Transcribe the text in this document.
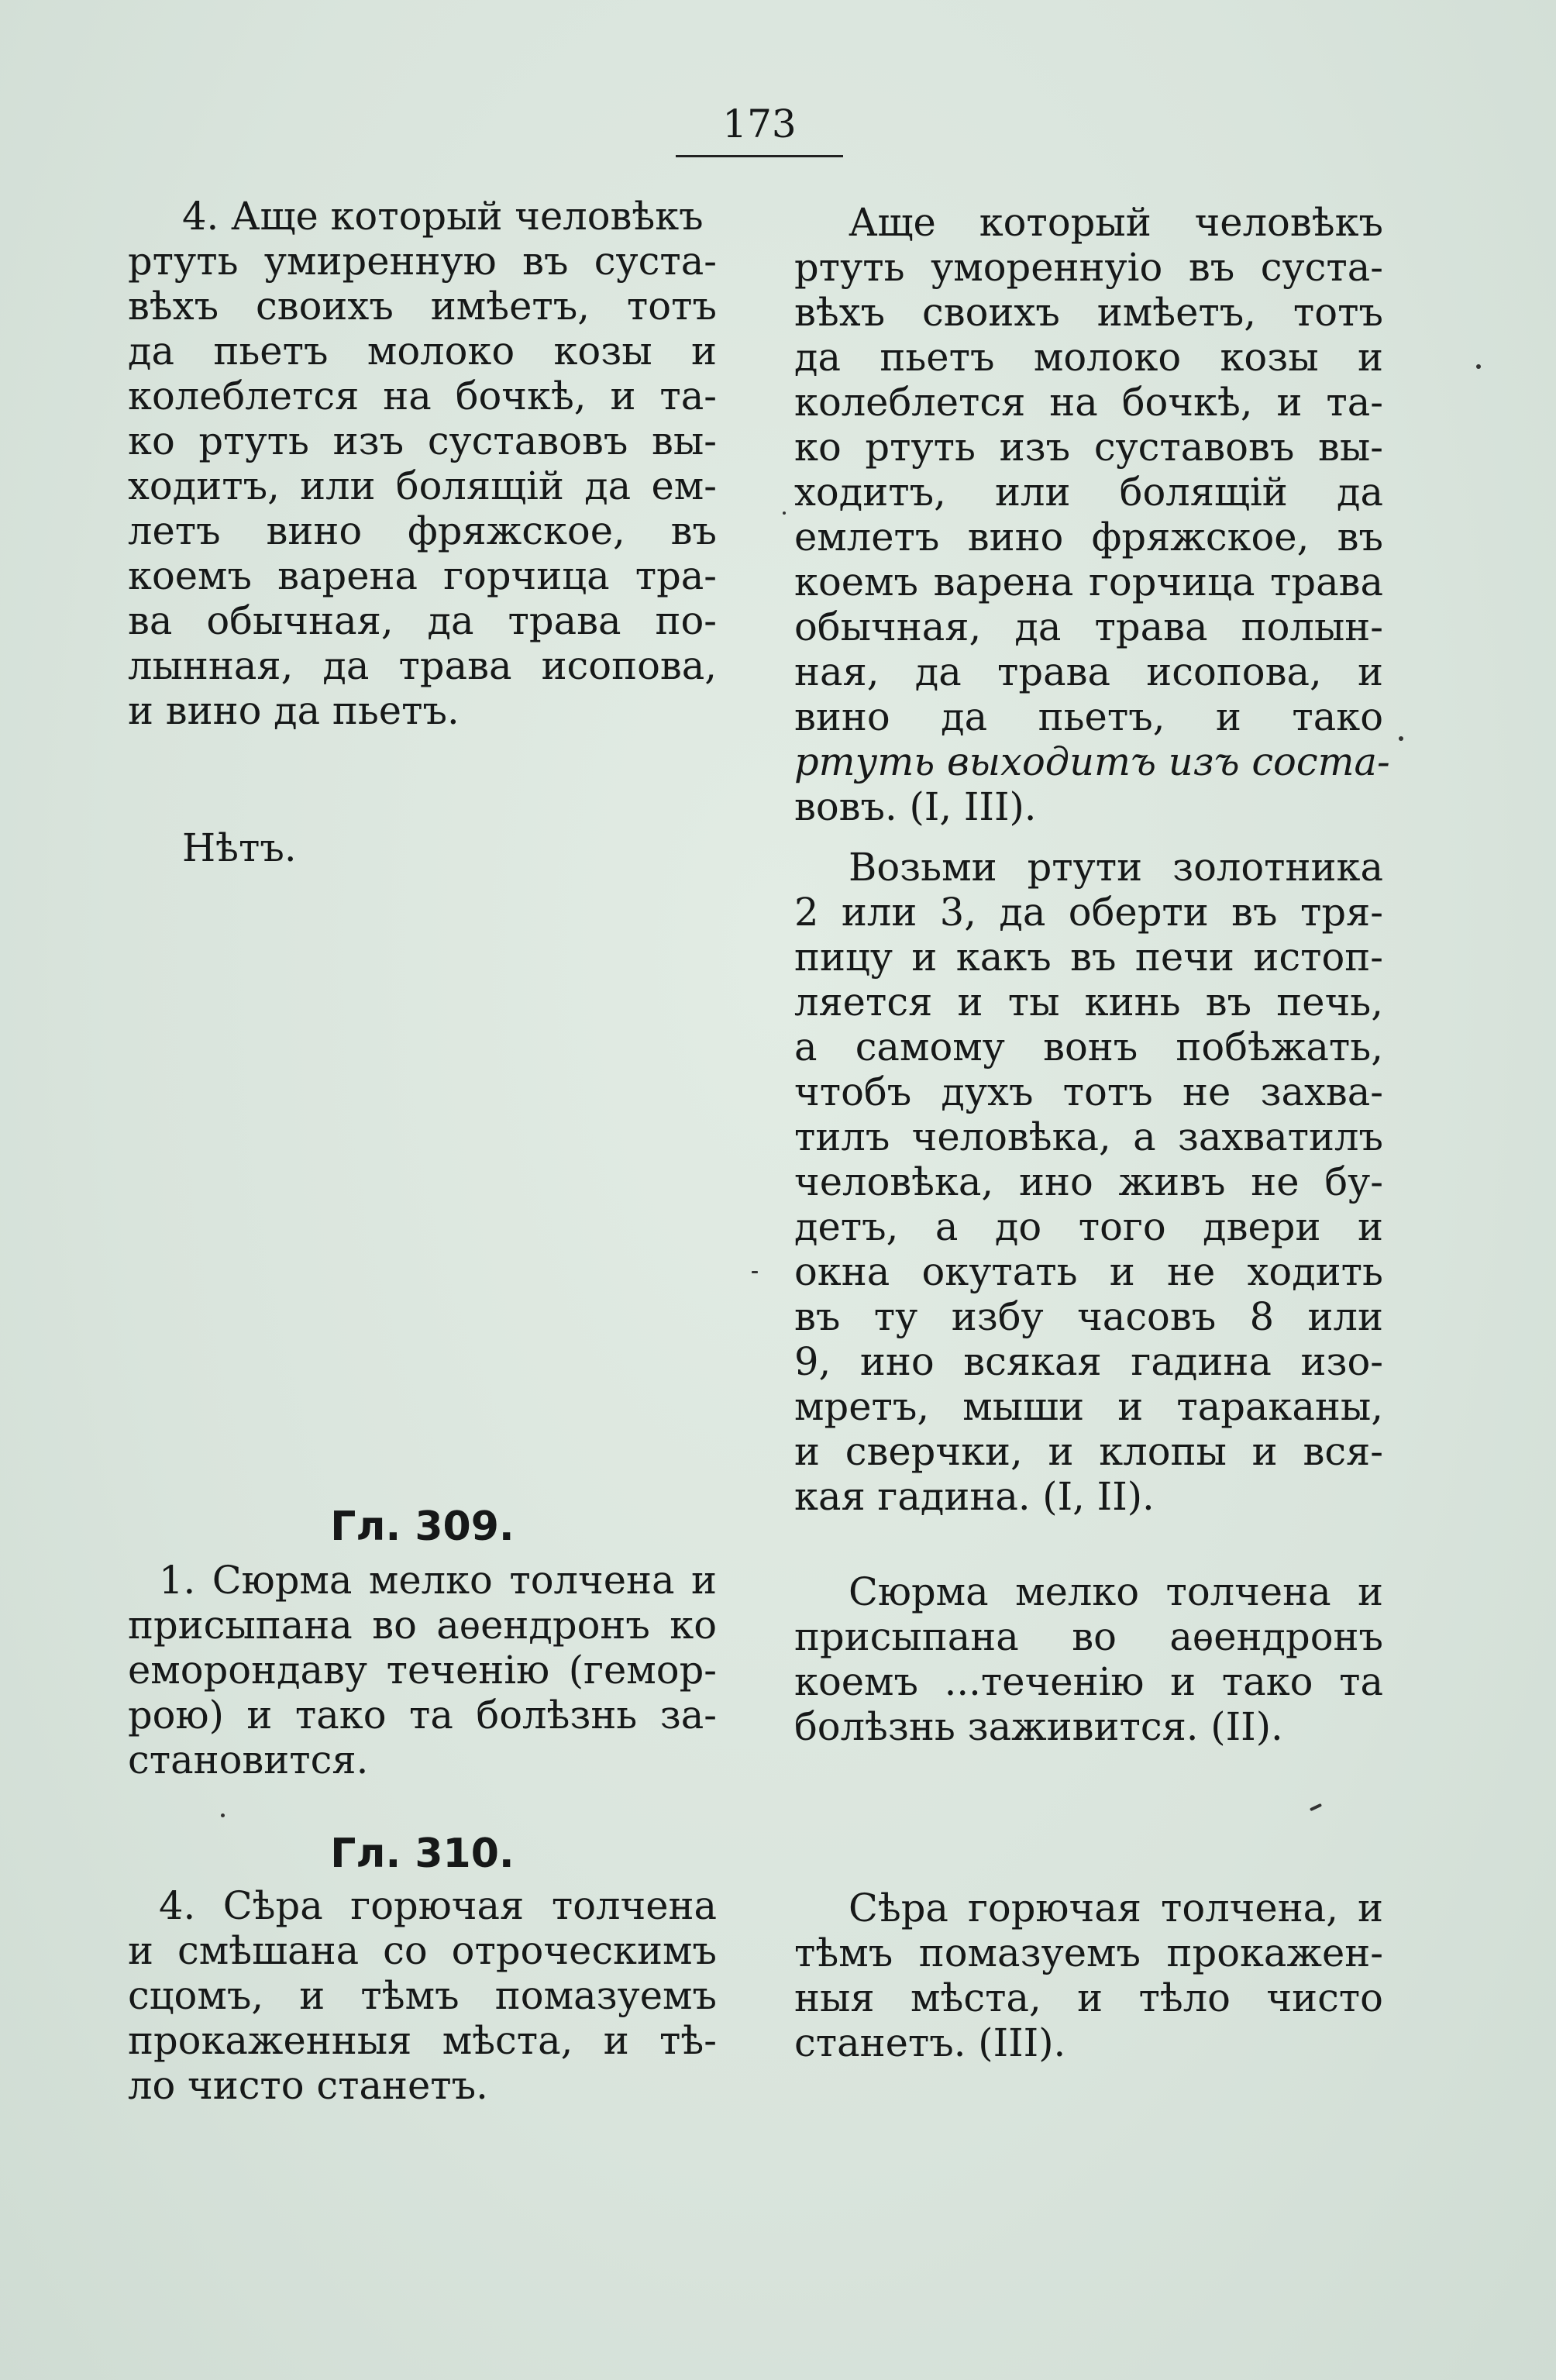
173
4. Аще который человѣкъ
ртуть умиренную въ суста-
вѣхъ своихъ имѣетъ, тотъ
да пьетъ молоко козы и
колеблется на бочкѣ, и та-
ко ртуть изъ суставовъ вы-
ходитъ, или болящій да ем-
летъ вино фряжское, въ
коемъ варена горчица тра-
ва обычная, да трава по-
лынная, да трава исопова,
и вино да пьетъ.
Нѣтъ.
Гл. 309.
1. Сюрма мелко толчена и
присыпана во аѳендронъ ко
еморондаву теченію (гемор-
рою) и тако та болѣзнь за-
становится.
Гл. 310.
4. Сѣра горючая толчена
и смѣшана со отроческимъ
сцомъ, и тѣмъ помазуемъ
прокаженныя мѣста, и тѣ-
ло чисто станетъ.
Аще который человѣкъ
ртуть умореннуіо въ суста-
вѣхъ своихъ имѣетъ, тотъ
да пьетъ молоко козы и
колеблется на бочкѣ, и та-
ко ртуть изъ суставовъ вы-
ходитъ, или болящій да
емлетъ вино фряжское, въ
коемъ варена горчица трава
обычная, да трава полын-
ная, да трава исопова, и
вино да пьетъ, и тако
ртуть выходитъ изъ соста-
вовъ. (I, III).
Возьми ртути золотника
2 или 3, да оберти въ тря-
пицу и какъ въ печи истоп-
ляется и ты кинь въ печь,
а самому вонъ побѣжать,
чтобъ духъ тотъ не захва-
тилъ человѣка, а захватилъ
человѣка, ино живъ не бу-
детъ, а до того двери и
окна окутать и не ходить
въ ту избу часовъ 8 или
9, ино всякая гадина изо-
мретъ, мыши и тараканы,
и сверчки, и клопы и вся-
кая гадина. (I, II).
Сюрма мелко толчена и
присыпана во аѳендронъ
коемъ ...теченію и тако та
болѣзнь заживится. (II).
Сѣра горючая толчена, и
тѣмъ помазуемъ прокажен-
ныя мѣста, и тѣло чисто
станетъ. (III).
